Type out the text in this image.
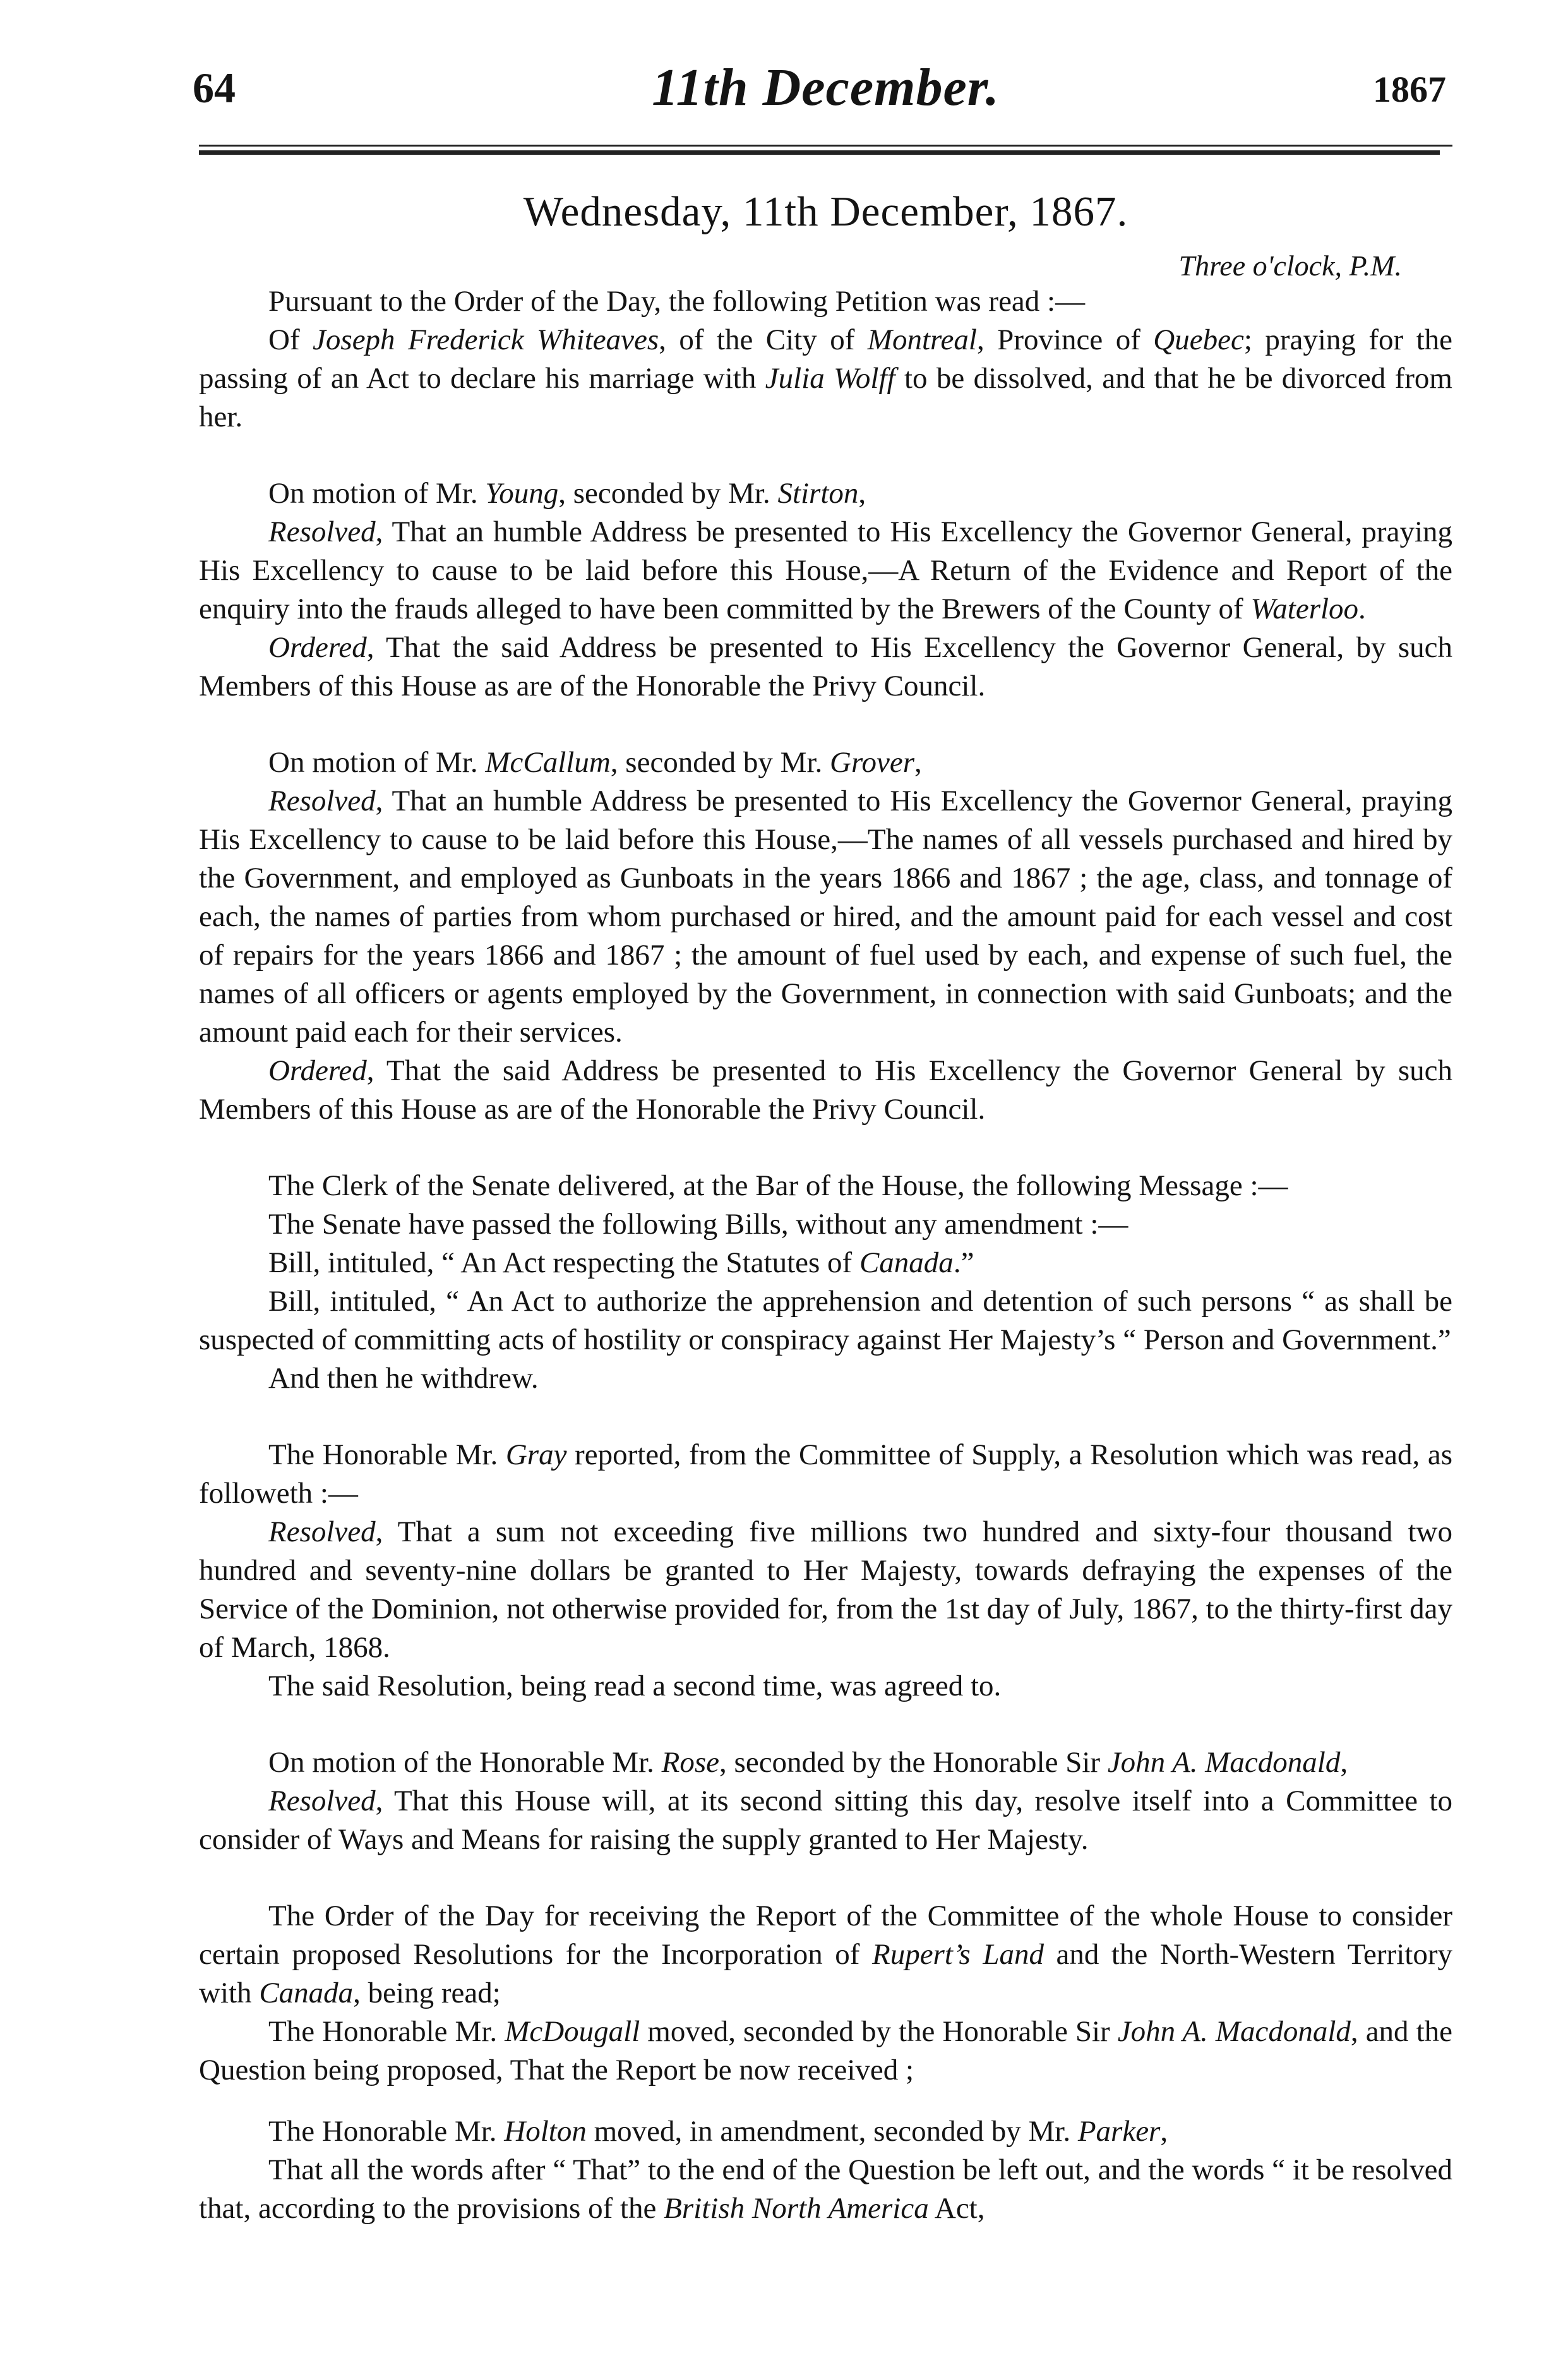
64	11th December.	1867
Wednesday, 11th December, 1867.
Three o'clock, P.M.

Pursuant to the Order of the Day, the following Petition was read :—

Of Joseph Frederick Whiteaves, of the City of Montreal, Province of Quebec; praying for the passing of an Act to declare his marriage with Julia Wolff to be dissolved, and that he be divorced from her.

On motion of Mr. Young, seconded by Mr. Stirton,

Resolved, That an humble Address be presented to His Excellency the Governor General, praying His Excellency to cause to be laid before this House,—A Return of the Evidence and Report of the enquiry into the frauds alleged to have been committed by the Brewers of the County of Waterloo.

Ordered, That the said Address be presented to His Excellency the Governor General, by such Members of this House as are of the Honorable the Privy Council.

On motion of Mr. McCallum, seconded by Mr. Grover,

Resolved, That an humble Address be presented to His Excellency the Governor General, praying His Excellency to cause to be laid before this House,—The names of all vessels purchased and hired by the Government, and employed as Gunboats in the years 1866 and 1867 ; the age, class, and tonnage of each, the names of parties from whom purchased or hired, and the amount paid for each vessel and cost of repairs for the years 1866 and 1867 ; the amount of fuel used by each, and expense of such fuel, the names of all officers or agents employed by the Government, in connection with said Gunboats; and the amount paid each for their services.

Ordered, That the said Address be presented to His Excellency the Governor General by such Members of this House as are of the Honorable the Privy Council.

The Clerk of the Senate delivered, at the Bar of the House, the following Message :—

The Senate have passed the following Bills, without any amendment :—

Bill, intituled, “ An Act respecting the Statutes of Canada.”

Bill, intituled, “ An Act to authorize the apprehension and detention of such persons “ as shall be suspected of committing acts of hostility or conspiracy against Her Majesty’s “ Person and Government.”

And then he withdrew.

The Honorable Mr. Gray reported, from the Committee of Supply, a Resolution which was read, as followeth :—

Resolved, That a sum not exceeding five millions two hundred and sixty-four thousand two hundred and seventy-nine dollars be granted to Her Majesty, towards defraying the expenses of the Service of the Dominion, not otherwise provided for, from the 1st day of July, 1867, to the thirty-first day of March, 1868.

The said Resolution, being read a second time, was agreed to.

On motion of the Honorable Mr. Rose, seconded by the Honorable Sir John A. Macdonald,

Resolved, That this House will, at its second sitting this day, resolve itself into a Committee to consider of Ways and Means for raising the supply granted to Her Majesty.

The Order of the Day for receiving the Report of the Committee of the whole House to consider certain proposed Resolutions for the Incorporation of Rupert’s Land and the North-Western Territory with Canada, being read;

The Honorable Mr. McDougall moved, seconded by the Honorable Sir John A. Macdonald, and the Question being proposed, That the Report be now received ;

The Honorable Mr. Holton moved, in amendment, seconded by Mr. Parker,

That all the words after “ That” to the end of the Question be left out, and the words “ it be resolved that, according to the provisions of the British North America Act,
